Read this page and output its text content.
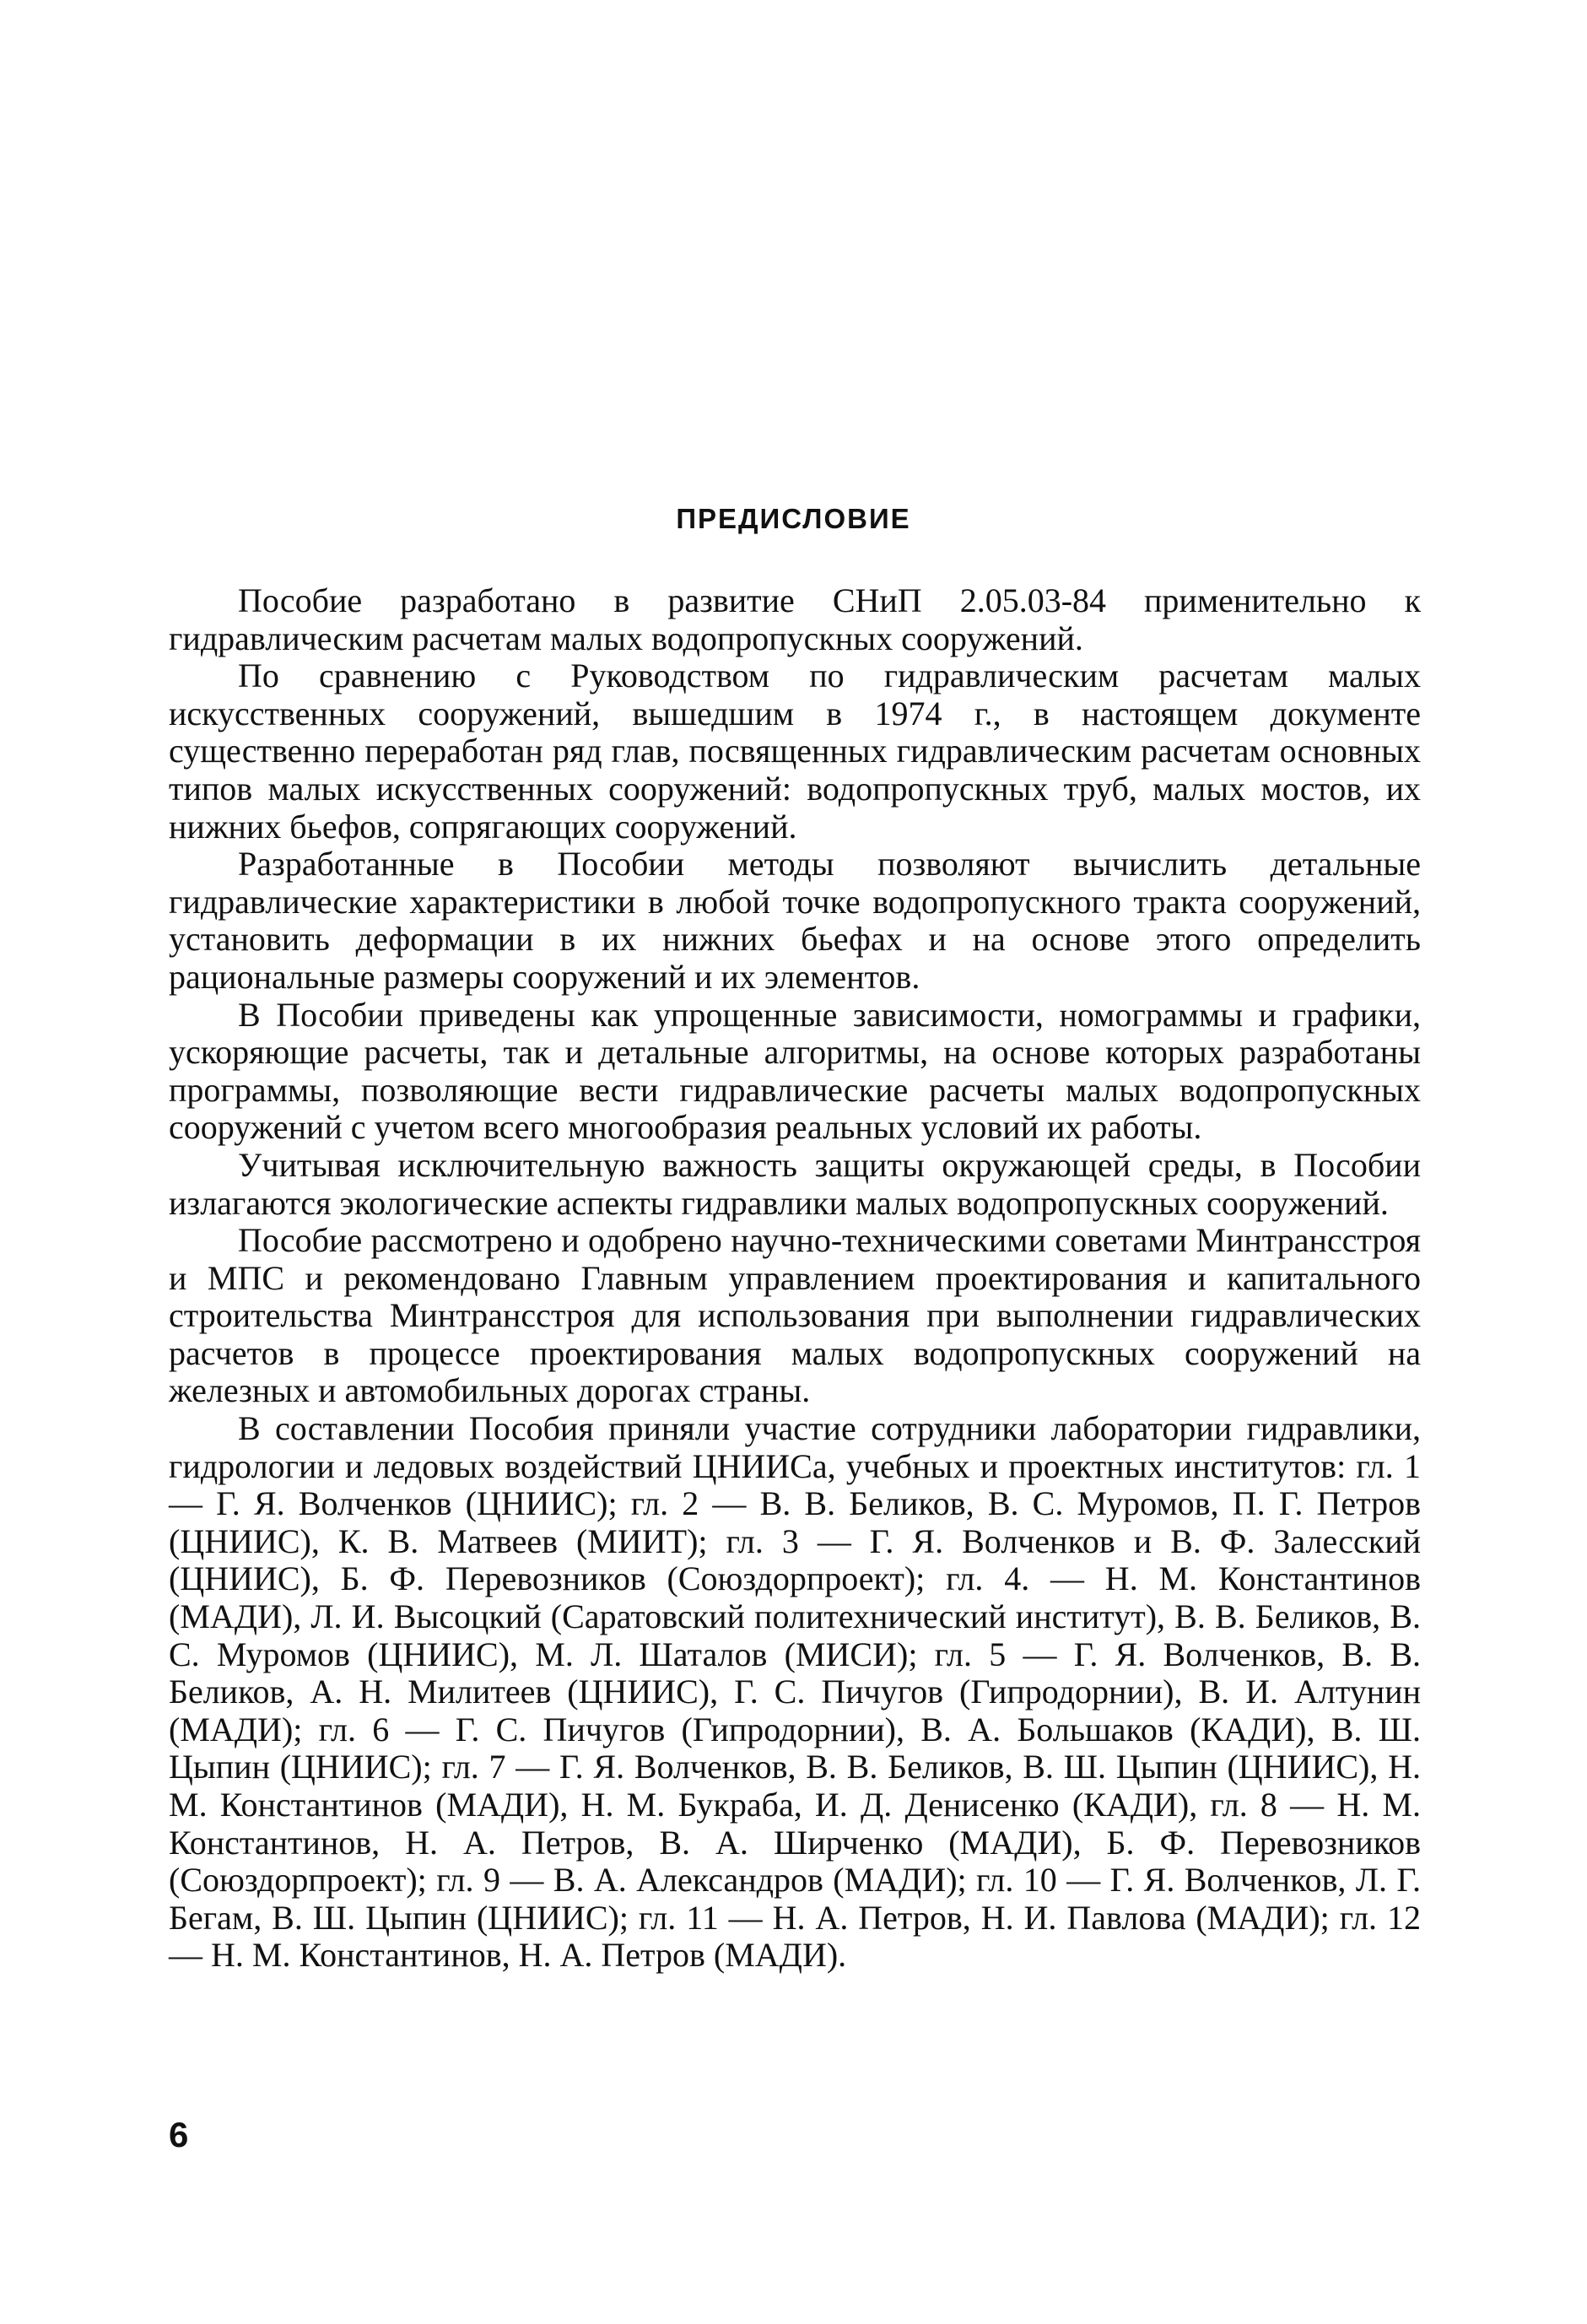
ПРЕДИСЛОВИЕ

Пособие разработано в развитие СНиП 2.05.03-84 применительно к гидравлическим расчетам малых водопропускных сооружений.

По сравнению с Руководством по гидравлическим расчетам малых искусственных сооружений, вышедшим в 1974 г., в настоящем документе существенно переработан ряд глав, посвященных гидравлическим расчетам основных типов малых искусственных сооружений: водопропускных труб, малых мостов, их нижних бьефов, сопрягающих сооружений.

Разработанные в Пособии методы позволяют вычислить детальные гидравлические характеристики в любой точке водопропускного тракта сооружений, установить деформации в их нижних бьефах и на основе этого определить рациональные размеры сооружений и их элементов.

В Пособии приведены как упрощенные зависимости, номограммы и графики, ускоряющие расчеты, так и детальные алгоритмы, на основе которых разработаны программы, позволяющие вести гидравлические расчеты малых водопропускных сооружений с учетом всего многообразия реальных условий их работы.

Учитывая исключительную важность защиты окружающей среды, в Пособии излагаются экологические аспекты гидравлики малых водопропускных сооружений.

Пособие рассмотрено и одобрено научно-техническими советами Минтрансстроя и МПС и рекомендовано Главным управлением проектирования и капитального строительства Минтрансстроя для использования при выполнении гидравлических расчетов в процессе проектирования малых водопропускных сооружений на железных и автомобильных дорогах страны.

В составлении Пособия приняли участие сотрудники лаборатории гидравлики, гидрологии и ледовых воздействий ЦНИИСа, учебных и проектных институтов: гл. 1 — Г. Я. Волченков (ЦНИИС); гл. 2 — В. В. Беликов, В. С. Муромов, П. Г. Петров (ЦНИИС), К. В. Матвеев (МИИТ); гл. 3 — Г. Я. Волченков и В. Ф. Залесский (ЦНИИС), Б. Ф. Перевозников (Союздорпроект); гл. 4. — Н. М. Константинов (МАДИ), Л. И. Высоцкий (Саратовский политехнический институт), В. В. Беликов, В. С. Муромов (ЦНИИС), М. Л. Шаталов (МИСИ); гл. 5 — Г. Я. Волченков, В. В. Беликов, А. Н. Милитеев (ЦНИИС), Г. С. Пичугов (Гипродорнии), В. И. Алтунин (МАДИ); гл. 6 — Г. С. Пичугов (Гипродорнии), В. А. Большаков (КАДИ), В. Ш. Цыпин (ЦНИИС); гл. 7 — Г. Я. Волченков, В. В. Беликов, В. Ш. Цыпин (ЦНИИС), Н. М. Константинов (МАДИ), Н. М. Букраба, И. Д. Денисенко (КАДИ), гл. 8 — Н. М. Константинов, Н. А. Петров, В. А. Ширченко (МАДИ), Б. Ф. Перевозников (Союздорпроект); гл. 9 — В. А. Александров (МАДИ); гл. 10 — Г. Я. Волченков, Л. Г. Бегам, В. Ш. Цыпин (ЦНИИС); гл. 11 — Н. А. Петров, Н. И. Павлова (МАДИ); гл. 12 — Н. М. Константинов, Н. А. Петров (МАДИ).

6
